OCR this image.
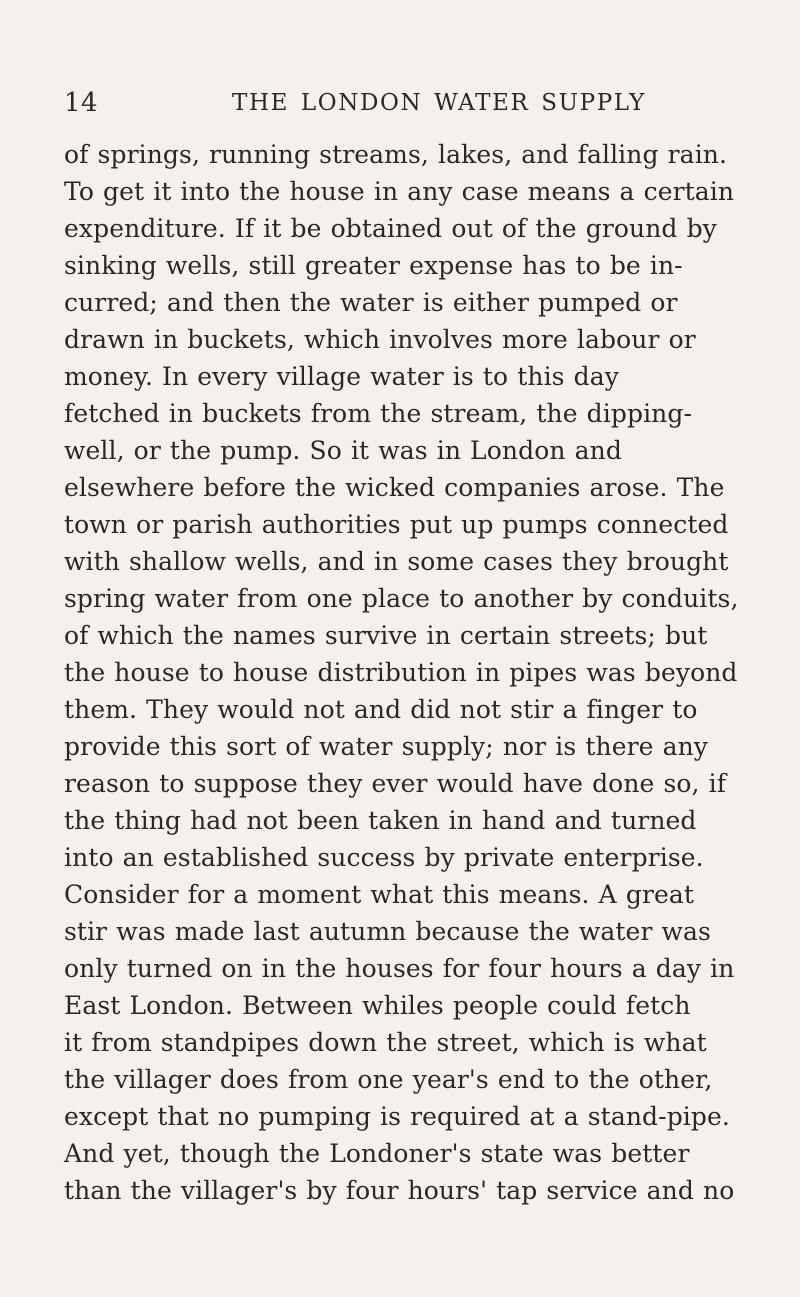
14	THE LONDON WATER SUPPLY
of springs, running streams, lakes, and falling rain.
To get it into the house in any case means a certain
expenditure. If it be obtained out of the ground by
sinking wells, still greater expense has to be in-
curred; and then the water is either pumped or
drawn in buckets, which involves more labour or
money. In every village water is to this day
fetched in buckets from the stream, the dipping-
well, or the pump. So it was in London and
elsewhere before the wicked companies arose. The
town or parish authorities put up pumps connected
with shallow wells, and in some cases they brought
spring water from one place to another by conduits,
of which the names survive in certain streets; but
the house to house distribution in pipes was beyond
them. They would not and did not stir a finger to
provide this sort of water supply; nor is there any
reason to suppose they ever would have done so, if
the thing had not been taken in hand and turned
into an established success by private enterprise.
Consider for a moment what this means. A great
stir was made last autumn because the water was
only turned on in the houses for four hours a day in
East London. Between whiles people could fetch
it from standpipes down the street, which is what
the villager does from one year's end to the other,
except that no pumping is required at a stand-pipe.
And yet, though the Londoner's state was better
than the villager's by four hours' tap service and no
